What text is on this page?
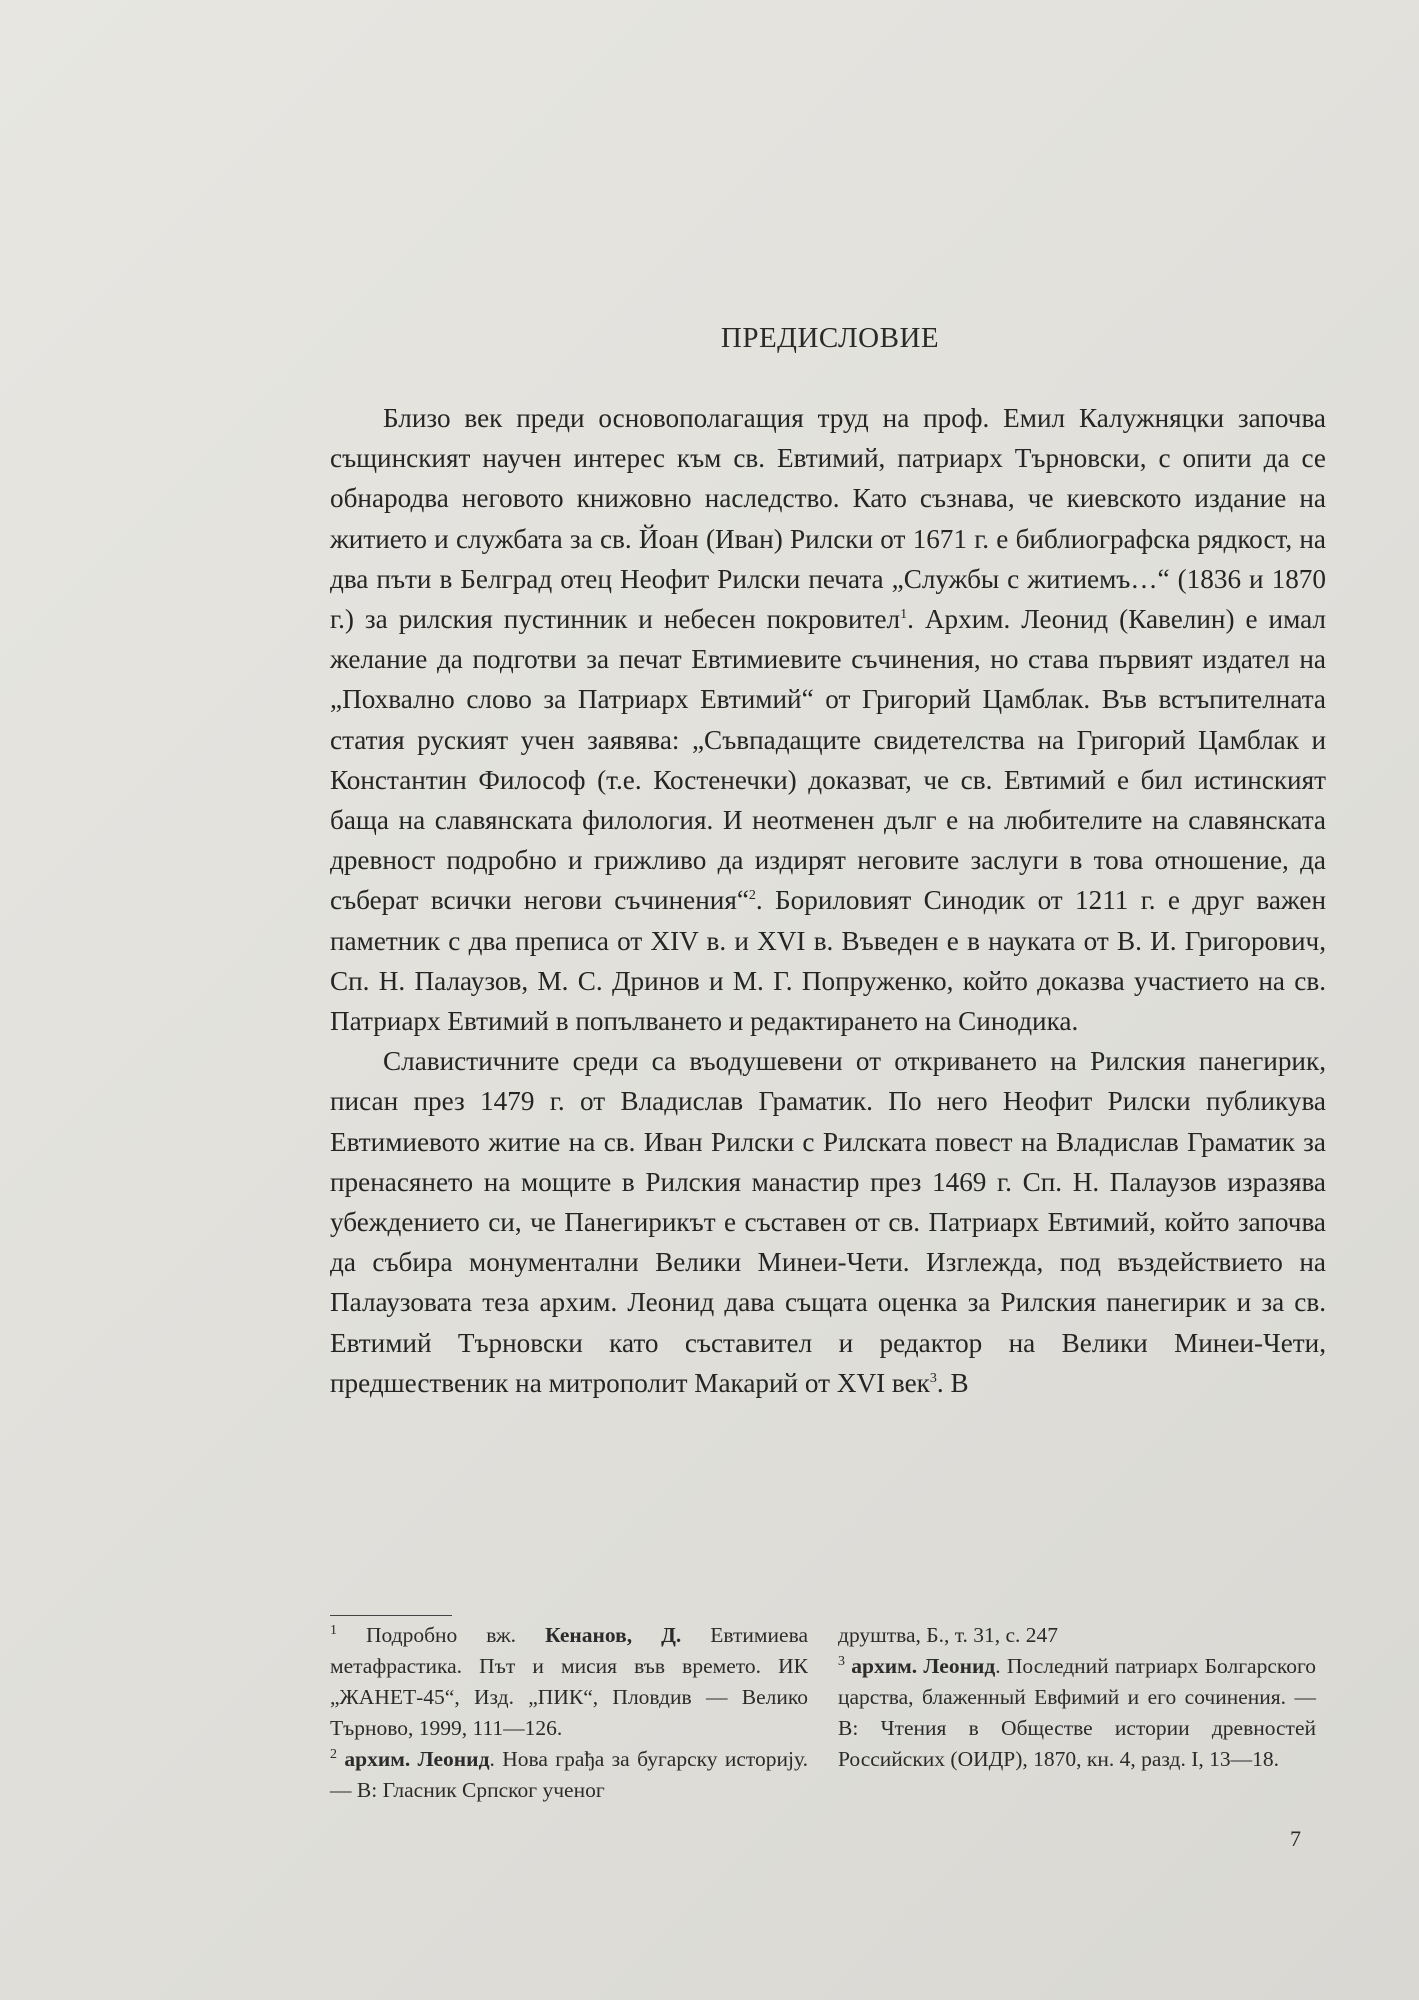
ПРЕДИСЛОВИЕ

Близо век преди основополагащия труд на проф. Емил Калужняцки започва същинският научен интерес към св. Евтимий, патриарх Търновски, с опити да се обнародва неговото книжовно наследство. Като съзнава, че киевското издание на житието и службата за св. Йоан (Иван) Рилски от 1671 г. е библиографска рядкост, на два пъти в Белград отец Неофит Рилски печата „Службы с житиемъ…“ (1836 и 1870 г.) за рилския пустинник и небесен покровител$^1$. Архим. Леонид (Кавелин) е имал желание да подготви за печат Евтимиевите съчинения, но става първият издател на „Похвално слово за Патриарх Евтимий“ от Григорий Цамблак. Във встъпителната статия руският учен заявява: „Съвпадащите свидетелства на Григорий Цамблак и Константин Философ (т.е. Костенечки) доказват, че св. Евтимий е бил истинският баща на славянската филология. И неотменен дълг е на любителите на славянската древност подробно и грижливо да издирят неговите заслуги в това отношение, да съберат всички негови съчинения“$^2$. Бориловият Синодик от 1211 г. е друг важен паметник с два преписа от XIV в. и XVI в. Въведен е в науката от В. И. Григорович, Сп. Н. Палаузов, М. С. Дринов и М. Г. Попруженко, който доказва участието на св. Патриарх Евтимий в попълването и редактирането на Синодика.

Славистичните среди са въодушевени от откриването на Рилския панегирик, писан през 1479 г. от Владислав Граматик. По него Неофит Рилски публикува Евтимиевото житие на св. Иван Рилски с Рилската повест на Владислав Граматик за пренасянето на мощите в Рилския манастир през 1469 г. Сп. Н. Палаузов изразява убеждението си, че Панегирикът е съставен от св. Патриарх Евтимий, който започва да събира монументални Велики Минеи-Чети. Изглежда, под въздействието на Палаузовата теза архим. Леонид дава същата оценка за Рилския панегирик и за св. Евтимий Търновски като съставител и редактор на Велики Минеи-Чети, предшественик на митрополит Макарий от XVI век$^3$. В

$^1$ Подробно вж. Кенанов, Д. Евтимиева метафрастика. Път и мисия във времето. ИК „ЖАНЕТ-45“, Изд. „ПИК“, Пловдив — Велико Търново, 1999, 111—126.

$^2$ архим. Леонид. Нова грађа за бугарску историју. — В: Гласник Српског ученог

друштва, Б., т. 31, с. 247

$^3$ архим. Леонид. Последний патриарх Болгарского царства, блаженный Евфимий и его сочинения. — В: Чтения в Обществе истории древностей Российских (ОИДР), 1870, кн. 4, разд. I, 13—18.

7
